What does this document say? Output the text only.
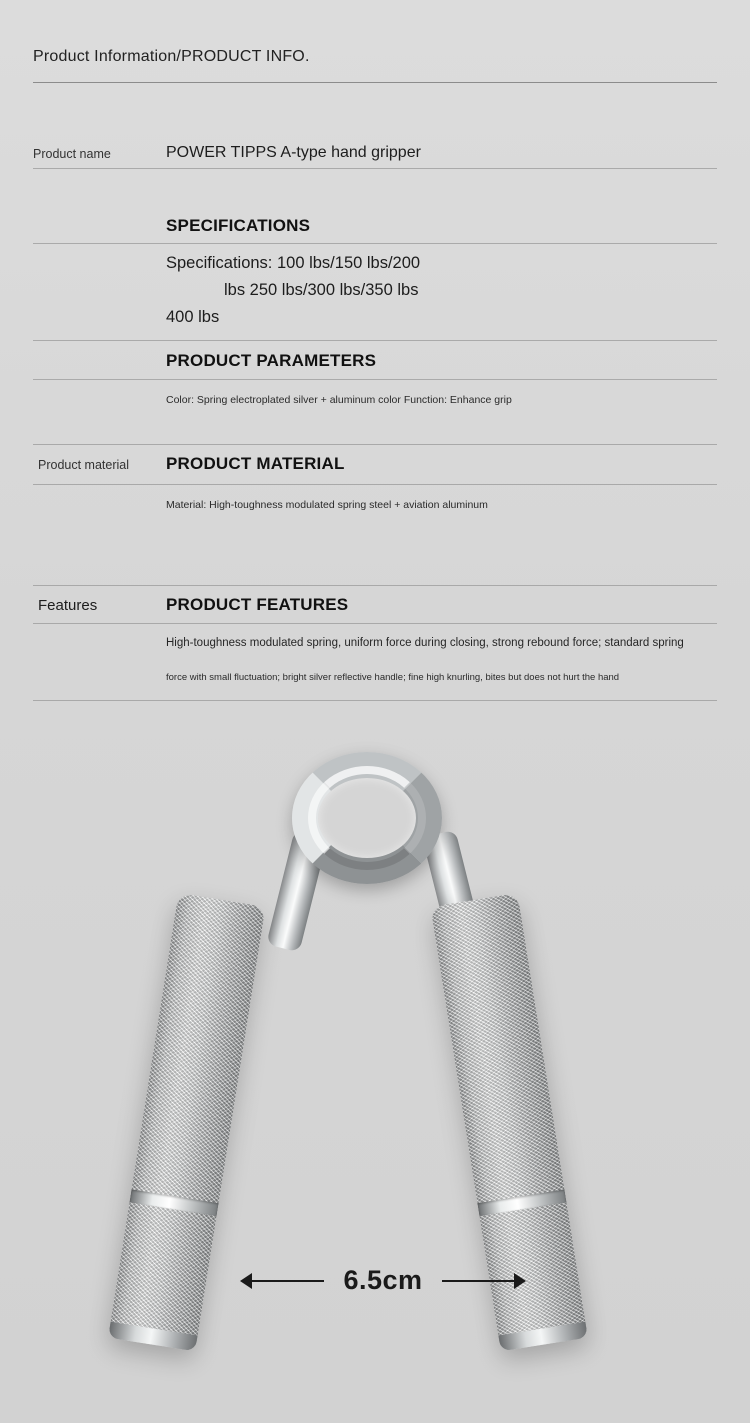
Product Information/PRODUCT INFO.
Product name	POWER TIPPS A-type hand gripper
SPECIFICATIONS
Specifications: 100 lbs/150 lbs/200
lbs 250 lbs/300 lbs/350 lbs
400 lbs
PRODUCT PARAMETERS
Color: Spring electroplated silver + aluminum color Function: Enhance grip
Product material PRODUCT MATERIAL
Material: High-toughness modulated spring steel + aviation aluminum
Features	PRODUCT FEATURES
High-toughness modulated spring, uniform force during closing, strong rebound force; standard spring
force with small fluctuation; bright silver reflective handle; fine high knurling, bites but does not hurt the hand
6.5cm
